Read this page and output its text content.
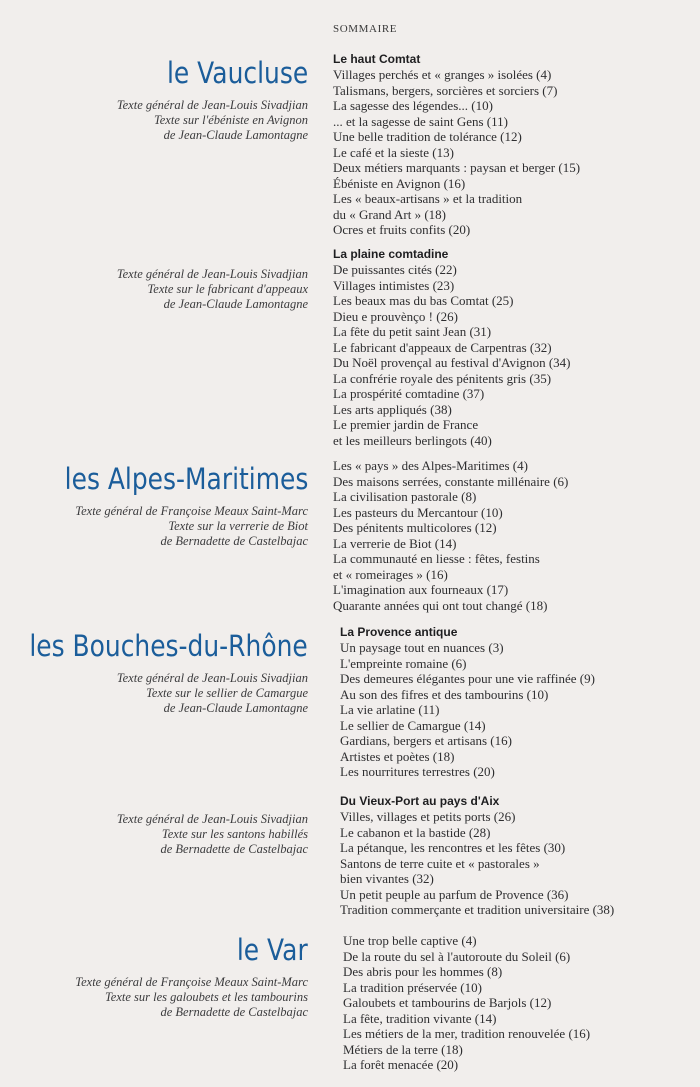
SOMMAIRE
le Vaucluse
Texte général de Jean-Louis Sivadjian
Texte sur l'ébéniste en Avignon
de Jean-Claude Lamontagne
Le haut Comtat
Villages perchés et « granges » isolées (4)
Talismans, bergers, sorcières et sorciers (7)
La sagesse des légendes... (10)
... et la sagesse de saint Gens (11)
Une belle tradition de tolérance (12)
Le café et la sieste (13)
Deux métiers marquants : paysan et berger (15)
Ébéniste en Avignon (16)
Les « beaux-artisans » et la tradition
du « Grand Art » (18)
Ocres et fruits confits (20)
Texte général de Jean-Louis Sivadjian
Texte sur le fabricant d'appeaux
de Jean-Claude Lamontagne
La plaine comtadine
De puissantes cités (22)
Villages intimistes (23)
Les beaux mas du bas Comtat (25)
Dieu e prouvènço ! (26)
La fête du petit saint Jean (31)
Le fabricant d'appeaux de Carpentras (32)
Du Noël provençal au festival d'Avignon (34)
La confrérie royale des pénitents gris (35)
La prospérité comtadine (37)
Les arts appliqués (38)
Le premier jardin de France
et les meilleurs berlingots (40)
les Alpes-Maritimes
Texte général de Françoise Meaux Saint-Marc
Texte sur la verrerie de Biot
de Bernadette de Castelbajac
Les « pays » des Alpes-Maritimes (4)
Des maisons serrées, constante millénaire (6)
La civilisation pastorale (8)
Les pasteurs du Mercantour (10)
Des pénitents multicolores (12)
La verrerie de Biot (14)
La communauté en liesse : fêtes, festins
et « romeirages » (16)
L'imagination aux fourneaux (17)
Quarante années qui ont tout changé (18)
les Bouches-du-Rhône
Texte général de Jean-Louis Sivadjian
Texte sur le sellier de Camargue
de Jean-Claude Lamontagne
La Provence antique
Un paysage tout en nuances (3)
L'empreinte romaine (6)
Des demeures élégantes pour une vie raffinée (9)
Au son des fifres et des tambourins (10)
La vie arlatine (11)
Le sellier de Camargue (14)
Gardians, bergers et artisans (16)
Artistes et poètes (18)
Les nourritures terrestres (20)
Texte général de Jean-Louis Sivadjian
Texte sur les santons habillés
de Bernadette de Castelbajac
Du Vieux-Port au pays d'Aix
Villes, villages et petits ports (26)
Le cabanon et la bastide (28)
La pétanque, les rencontres et les fêtes (30)
Santons de terre cuite et « pastorales »
bien vivantes (32)
Un petit peuple au parfum de Provence (36)
Tradition commerçante et tradition universitaire (38)
le Var
Texte général de Françoise Meaux Saint-Marc
Texte sur les galoubets et les tambourins
de Bernadette de Castelbajac
Une trop belle captive (4)
De la route du sel à l'autoroute du Soleil (6)
Des abris pour les hommes (8)
La tradition préservée (10)
Galoubets et tambourins de Barjols (12)
La fête, tradition vivante (14)
Les métiers de la mer, tradition renouvelée (16)
Métiers de la terre (18)
La forêt menacée (20)
